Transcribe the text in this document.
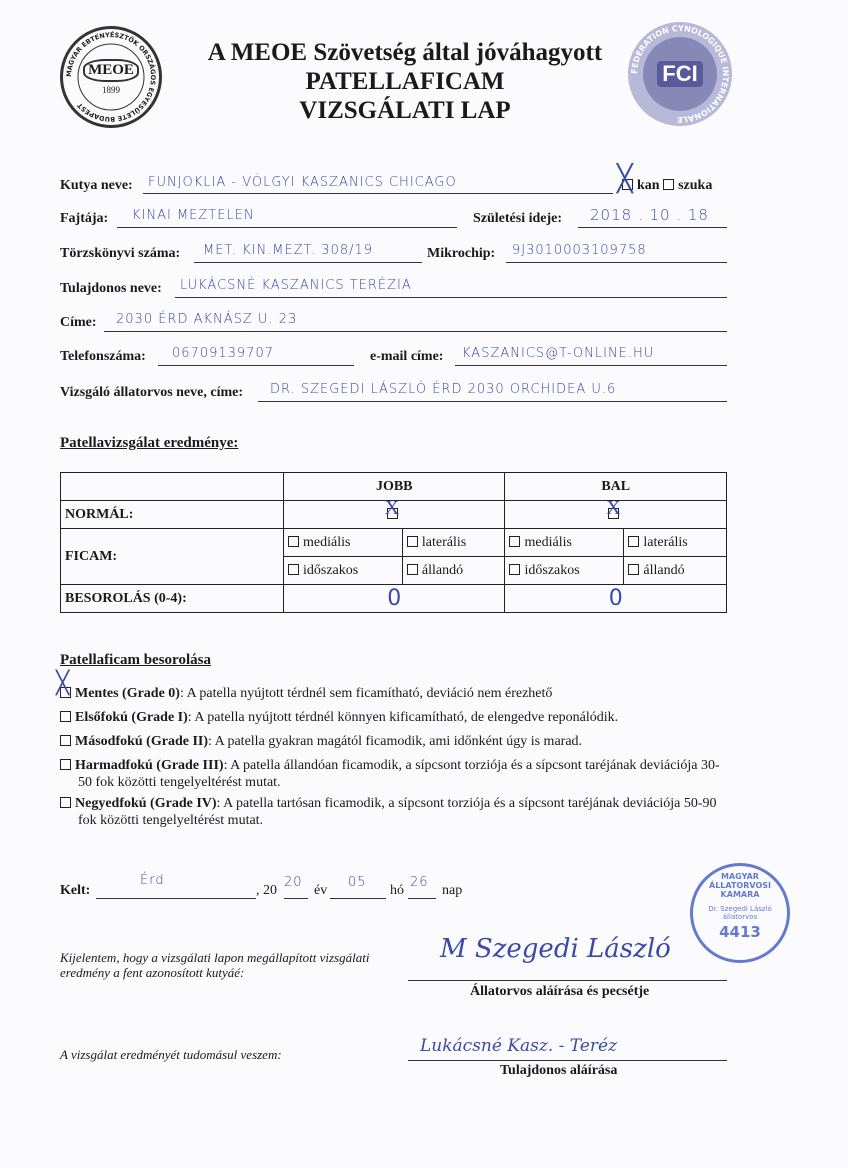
MAGYAR EBTENYÉSZTŐK ORSZÁGOS EGYESÜLETE BUDAPEST
MEOE
1899
FEDERATION CYNOLOGIQUE INTERNATIONALE
FCI
A MEOE Szövetség által jóváhagyott
PATELLAFICAM
VIZSGÁLATI LAP
Kutya neve: FUNJOKLIA - VÖLGYI KASZANICS CHICAGO	╳ kan szuka
Fajtája: KINAI MEZTELEN	Születési ideje: 2018 . 10 . 18
Törzskönyvi száma: MET. KIN.MEZT. 308/19	Mikrochip: 9J3010003109758
Tulajdonos neve: LUKÁCSNÉ KASZANICS TERÉZIA
Címe: 2030 ÉRD AKNÁSZ U. 23
Telefonszáma: 06709139707	e-mail címe: KASZANICS@T-ONLINE.HU
Vizsgáló állatorvos neve, címe: DR. SZEGEDI LÁSZLÓ ÉRD 2030 ORCHIDEA U.6
Patellavizsgálat eredménye:
	JOBB		BAL	
NORMÁL:	X		X	

FICAM:	mediális	laterális	mediális	laterális
	időszakos	állandó	időszakos	állandó
BESOROLÁS (0-4):	0		0	
Patellaficam besorolása
╳ Mentes (Grade 0): A patella nyújtott térdnél sem ficamítható, deviáció nem érezhető
Elsőfokú (Grade I): A patella nyújtott térdnél könnyen kificamítható, de elengedve reponálódik.
Másodfokú (Grade II): A patella gyakran magától ficamodik, ami időnként úgy is marad.
Harmadfokú (Grade III): A patella állandóan ficamodik, a sípcsont torziója és a sípcsont taréjának deviációja 30-50 fok közötti tengelyeltérést mutat.
Negyedfokú (Grade IV): A patella tartósan ficamodik, a sípcsont torziója és a sípcsont taréjának deviációja 50-90 fok közötti tengelyeltérést mutat.
Kelt:
Érd
, 20
20
év
05
hó
26
nap
MAGYAR ÁLLATORVOSI KAMARA
Dr. Szegedi László állatorvos
4413
Kijelentem, hogy a vizsgálati lapon megállapított vizsgálati eredmény a fent azonosított kutyáé:
M Szegedi László
Állatorvos aláírása és pecsétje
A vizsgálat eredményét tudomásul veszem:	Lukácsné Kasz. - Teréz
Tulajdonos aláírása
